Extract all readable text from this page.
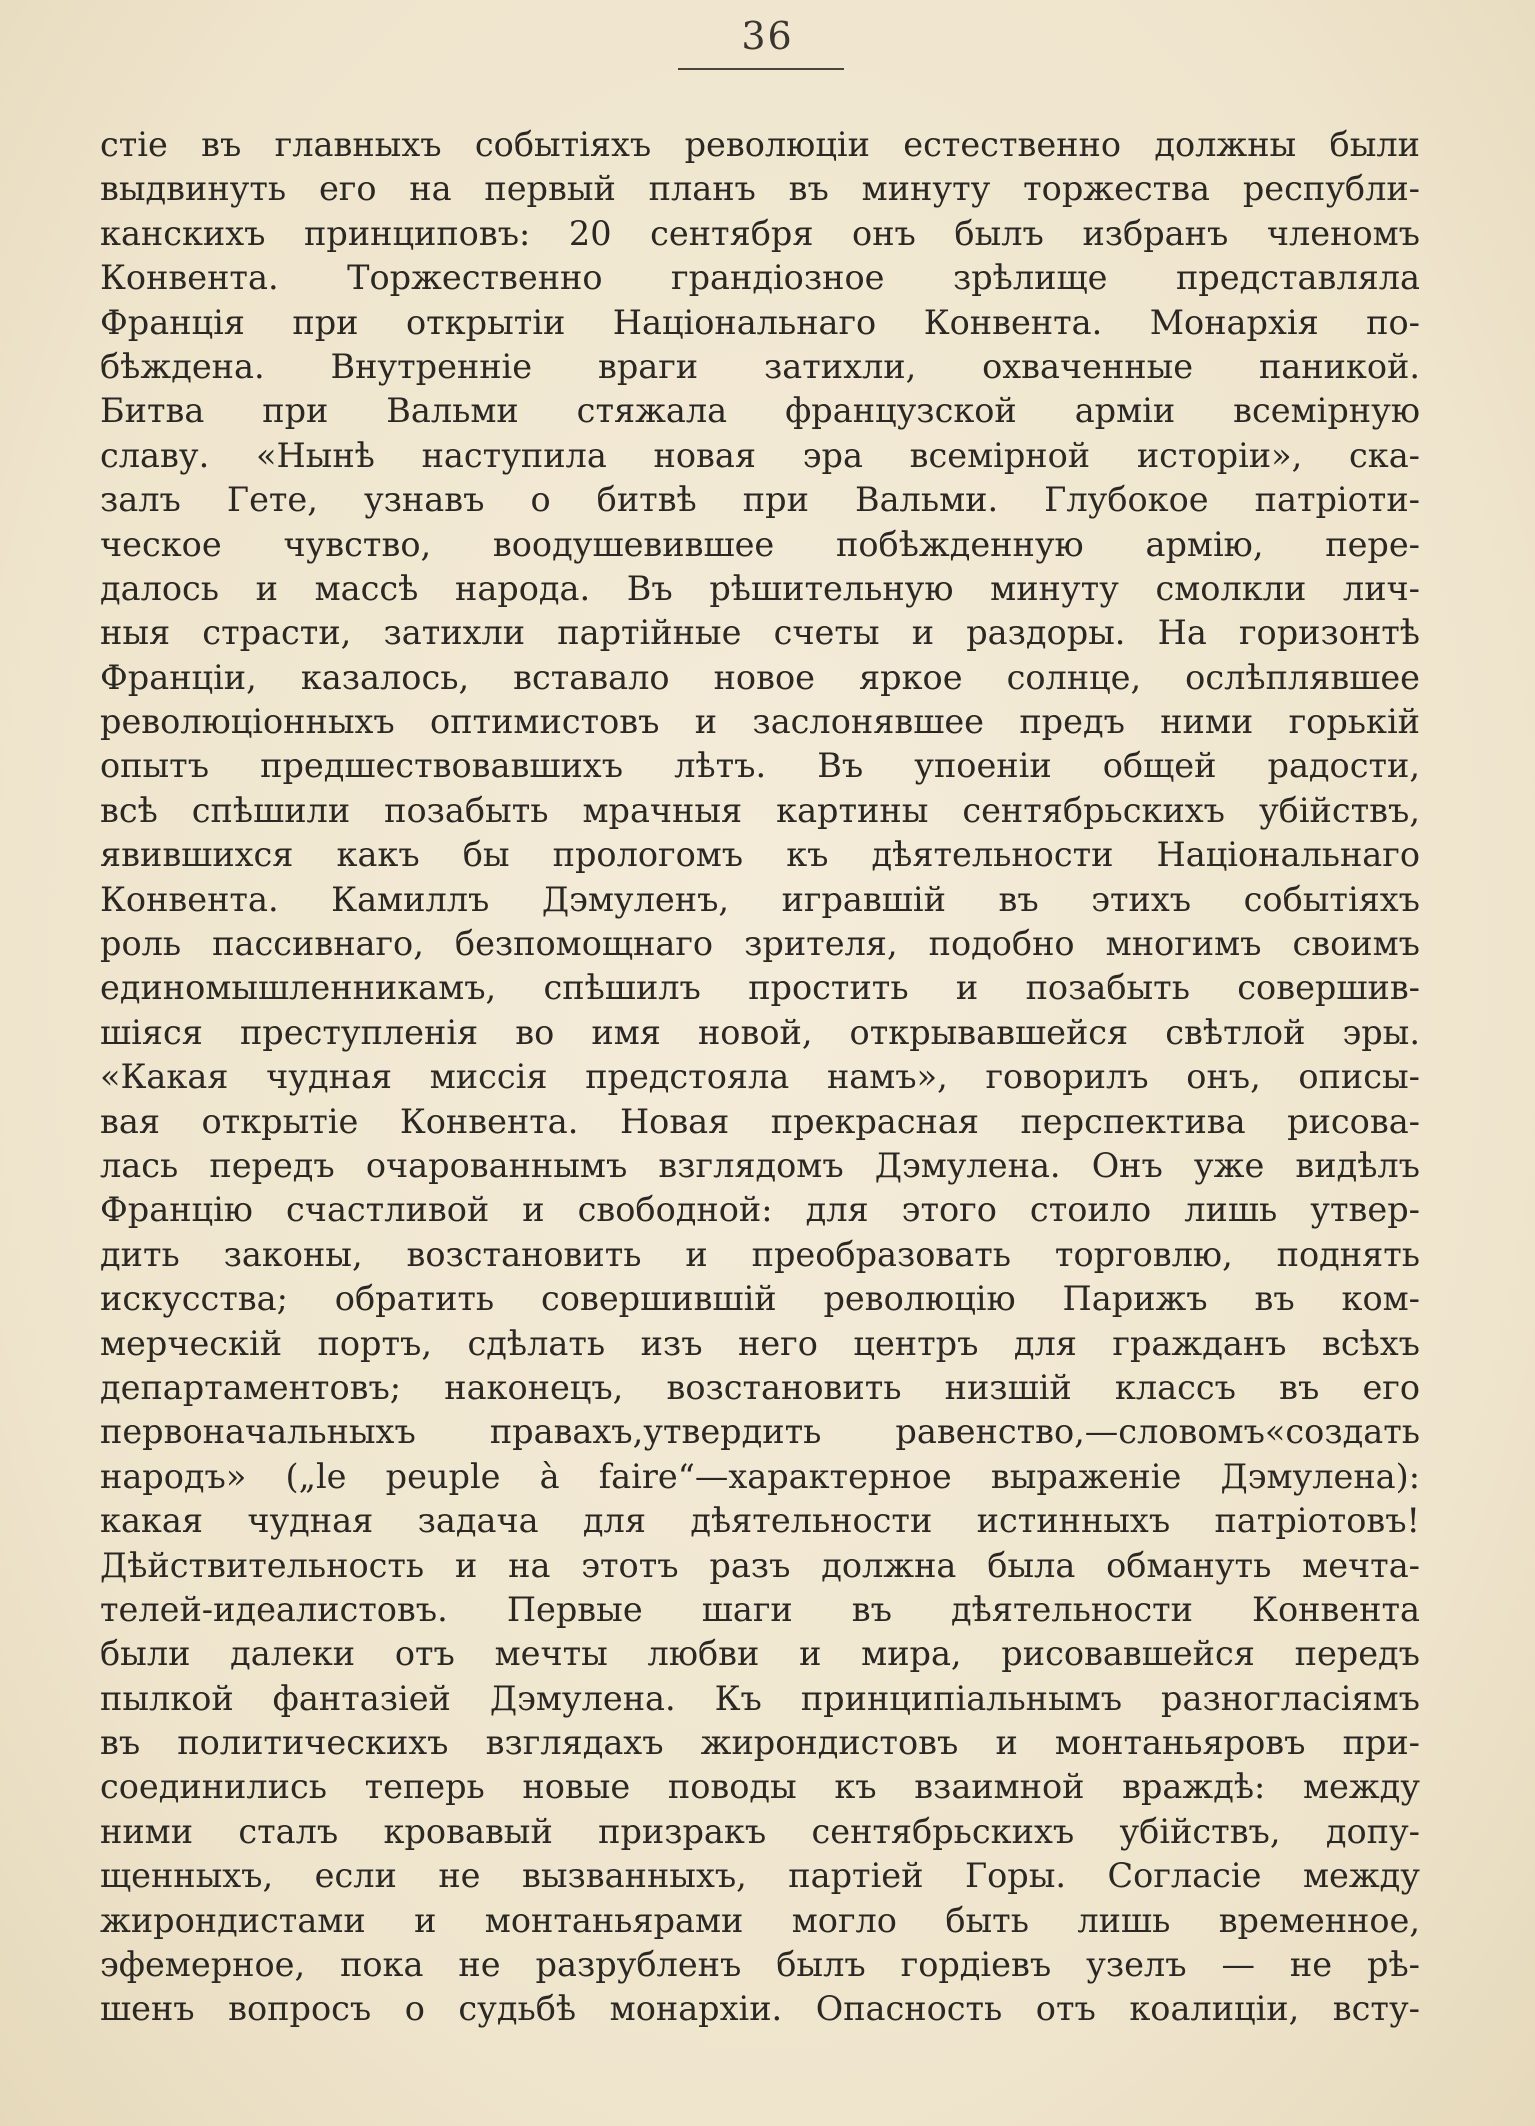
36
стіе въ главныхъ событіяхъ революціи естественно должны были
выдвинуть его на первый планъ въ минуту торжества республи-
канскихъ принциповъ: 20 сентября онъ былъ избранъ членомъ
Конвента. Торжественно грандіозное зрѣлище представляла
Франція при открытіи Національнаго Конвента. Монархія по-
бѣждена. Внутренніе враги затихли, охваченные паникой.
Битва при Вальми стяжала французской арміи всемірную
славу. «Нынѣ наступила новая эра всемірной исторіи», ска-
залъ Гете, узнавъ о битвѣ при Вальми. Глубокое патріоти-
ческое чувство, воодушевившее побѣжденную армію, пере-
далось и массѣ народа. Въ рѣшительную минуту смолкли лич-
ныя страсти, затихли партійные счеты и раздоры. На горизонтѣ
Франціи, казалось, вставало новое яркое солнце, ослѣплявшее
революціонныхъ оптимистовъ и заслонявшее предъ ними горькій
опытъ предшествовавшихъ лѣтъ. Въ упоеніи общей радости,
всѣ спѣшили позабыть мрачныя картины сентябрьскихъ убійствъ,
явившихся какъ бы прологомъ къ дѣятельности Національнаго
Конвента. Камиллъ Дэмуленъ, игравшій въ этихъ событіяхъ
роль пассивнаго, безпомощнаго зрителя, подобно многимъ своимъ
единомышленникамъ, спѣшилъ простить и позабыть совершив-
шіяся преступленія во имя новой, открывавшейся свѣтлой эры.
«Какая чудная миссія предстояла намъ», говорилъ онъ, описы-
вая открытіе Конвента. Новая прекрасная перспектива рисова-
лась передъ очарованнымъ взглядомъ Дэмулена. Онъ уже видѣлъ
Францію счастливой и свободной: для этого стоило лишь утвер-
дить законы, возстановить и преобразовать торговлю, поднять
искусства; обратить совершившій революцію Парижъ въ ком-
мерческій портъ, сдѣлать изъ него центръ для гражданъ всѣхъ
департаментовъ; наконецъ, возстановить низшій классъ въ его
первоначальныхъ правахъ,утвердить равенство,—словомъ«создать
народъ» („le peuple à faire“—характерное выраженіе Дэмулена):
какая чудная задача для дѣятельности истинныхъ патріотовъ!
Дѣйствительность и на этотъ разъ должна была обмануть мечта-
телей-идеалистовъ. Первые шаги въ дѣятельности Конвента
были далеки отъ мечты любви и мира, рисовавшейся передъ
пылкой фантазіей Дэмулена. Къ принципіальнымъ разногласіямъ
въ политическихъ взглядахъ жирондистовъ и монтаньяровъ при-
соединились теперь новые поводы къ взаимной враждѣ: между
ними сталъ кровавый призракъ сентябрьскихъ убійствъ, допу-
щенныхъ, если не вызванныхъ, партіей Горы. Согласіе между
жирондистами и монтаньярами могло быть лишь временное,
эфемерное, пока не разрубленъ былъ гордіевъ узелъ — не рѣ-
шенъ вопросъ о судьбѣ монархіи. Опасность отъ коалиціи, всту-
